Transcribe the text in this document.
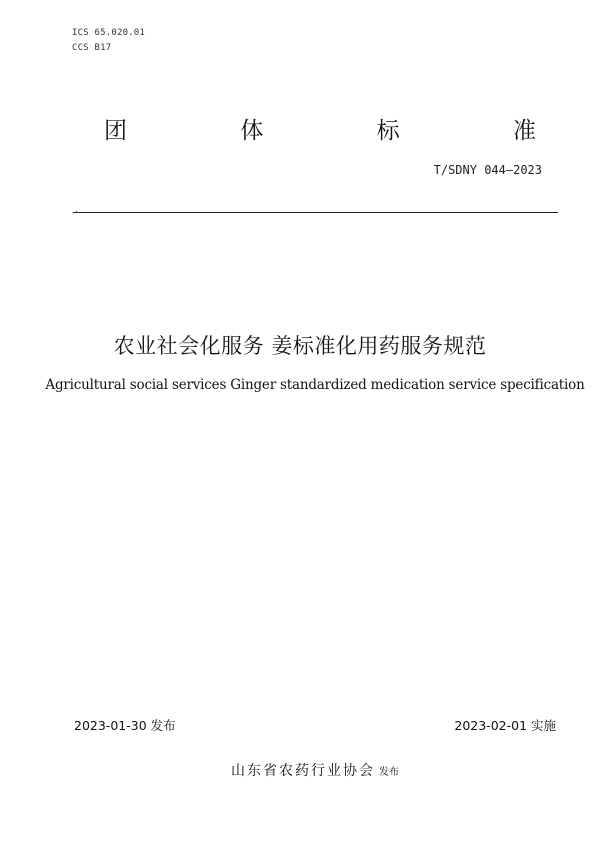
ICS 65.020.01
CCS B17
团	体	标	准
T/SDNY 044—2023
·
农业社会化服务 姜标准化用药服务规范
Agricultural social services Ginger standardized medication service specification
2023-01-30 发布	2023-02-01 实施
山东省农药行业协会 发布
